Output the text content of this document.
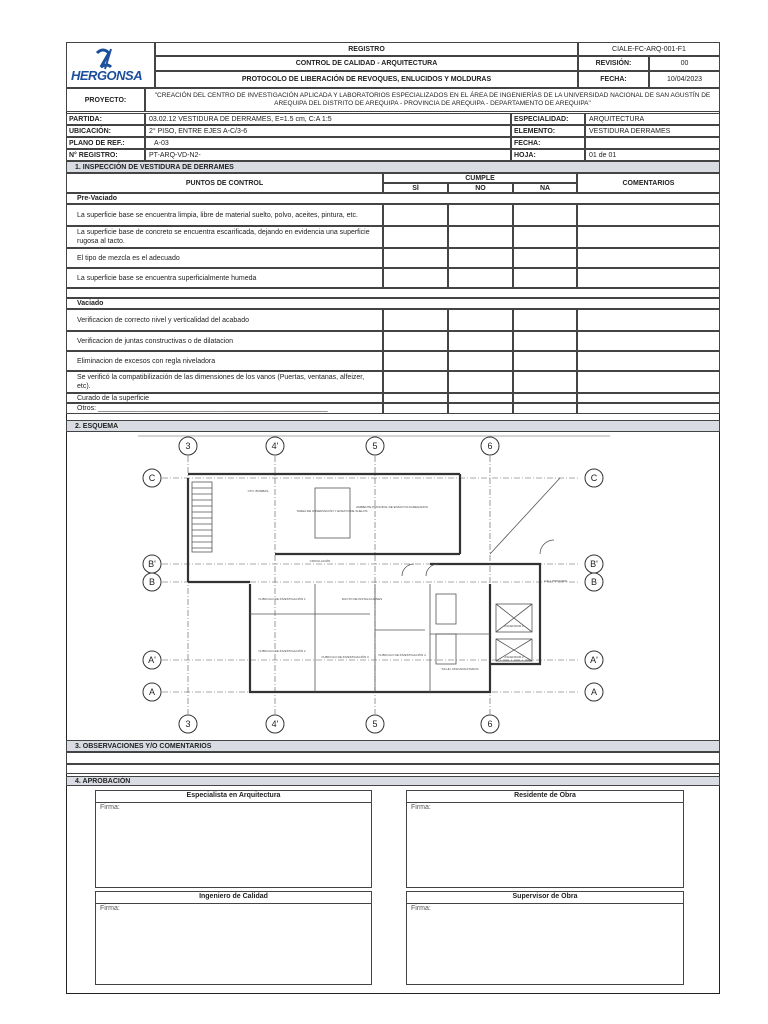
HERGONSA
REGISTRO
CONTROL DE CALIDAD - ARQUITECTURA
PROTOCOLO DE LIBERACIÓN DE REVOQUES, ENLUCIDOS Y MOLDURAS
CIALE-FC-ARQ-001-F1
REVISIÓN:	00
FECHA:	10/04/2023
PROYECTO:
"CREACIÓN DEL CENTRO DE INVESTIGACIÓN APLICADA Y LABORATORIOS ESPECIALIZADOS EN EL ÁREA DE INGENIERÍAS DE LA UNIVERSIDAD NACIONAL DE SAN AGUSTÍN DE AREQUIPA DEL DISTRITO DE AREQUIPA - PROVINCIA DE AREQUIPA - DEPARTAMENTO DE AREQUIPA"
PARTIDA:	03.02.12 VESTIDURA DE DERRAMES, E=1.5 cm, C:A 1:5	ESPECIALIDAD:	ARQUITECTURA
UBICACIÓN:	2° PISO, ENTRE EJES A-C/3-6	ELEMENTO:	VESTIDURA DERRAMES
PLANO DE REF.:	A-03	FECHA:
N° REGISTRO:	PT-ARQ-VD-N2-	HOJA:	01 de 01
1. INSPECCIÓN DE VESTIDURA DE DERRAMES
PUNTOS DE CONTROL
CUMPLE
SÍ	NO	NA
COMENTARIOS
Pre-Vaciado
La superficie base se encuentra limpia, libre de material suelto, polvo, aceites, pintura, etc.
La superficie base de concreto se encuentra escarificada, dejando en evidencia una superficie rugosa al tacto.
El tipo de mezcla es el adecuado
La superficie base se encuentra superficialmente humeda
Vaciado
Verificacion de correcto nivel y verticalidad del acabado
Verificacion de juntas constructivas o de dilatacion
Eliminacion de excesos con regla niveladora
Se verificó la compatibilización de las dimensiones de los vanos (Puertas, ventanas, alfeizer, etc).
Curado de la superficie
Otros: ___________________________________________________________
2. ESQUEMA
3	4'	5	6
3	4'	5	6
C
B'
B
A'
A
C
B'
B
A'
A
CTO. BOMBAS
TAREA DE OBSERVACIÓN Y ENSAYO DE SUELOS
AMBIENTE PRINCIPAL DE ENSAYOS AGREGADOS
CIRCULACIÓN
CUBICULO DE INVESTIGACIÓN 1	DUCTO DE INSTALACIONES
CUBICULO DE INVESTIGACIÓN 2
CUBICULO DE INVESTIGACIÓN 3	CUBICULO DE INVESTIGACIÓN 4
SS.HH. DISCAPACITADOS
HALL PRINCIPAL
ASCENSOR 1
ASCENSOR 2
3. OBSERVACIONES Y/O COMENTARIOS
4. APROBACIÓN
Especialista en Arquitectura
Firma:
Residente de Obra
Firma:
Ingeniero de Calidad
Firma:
Supervisor de Obra
Firma:
